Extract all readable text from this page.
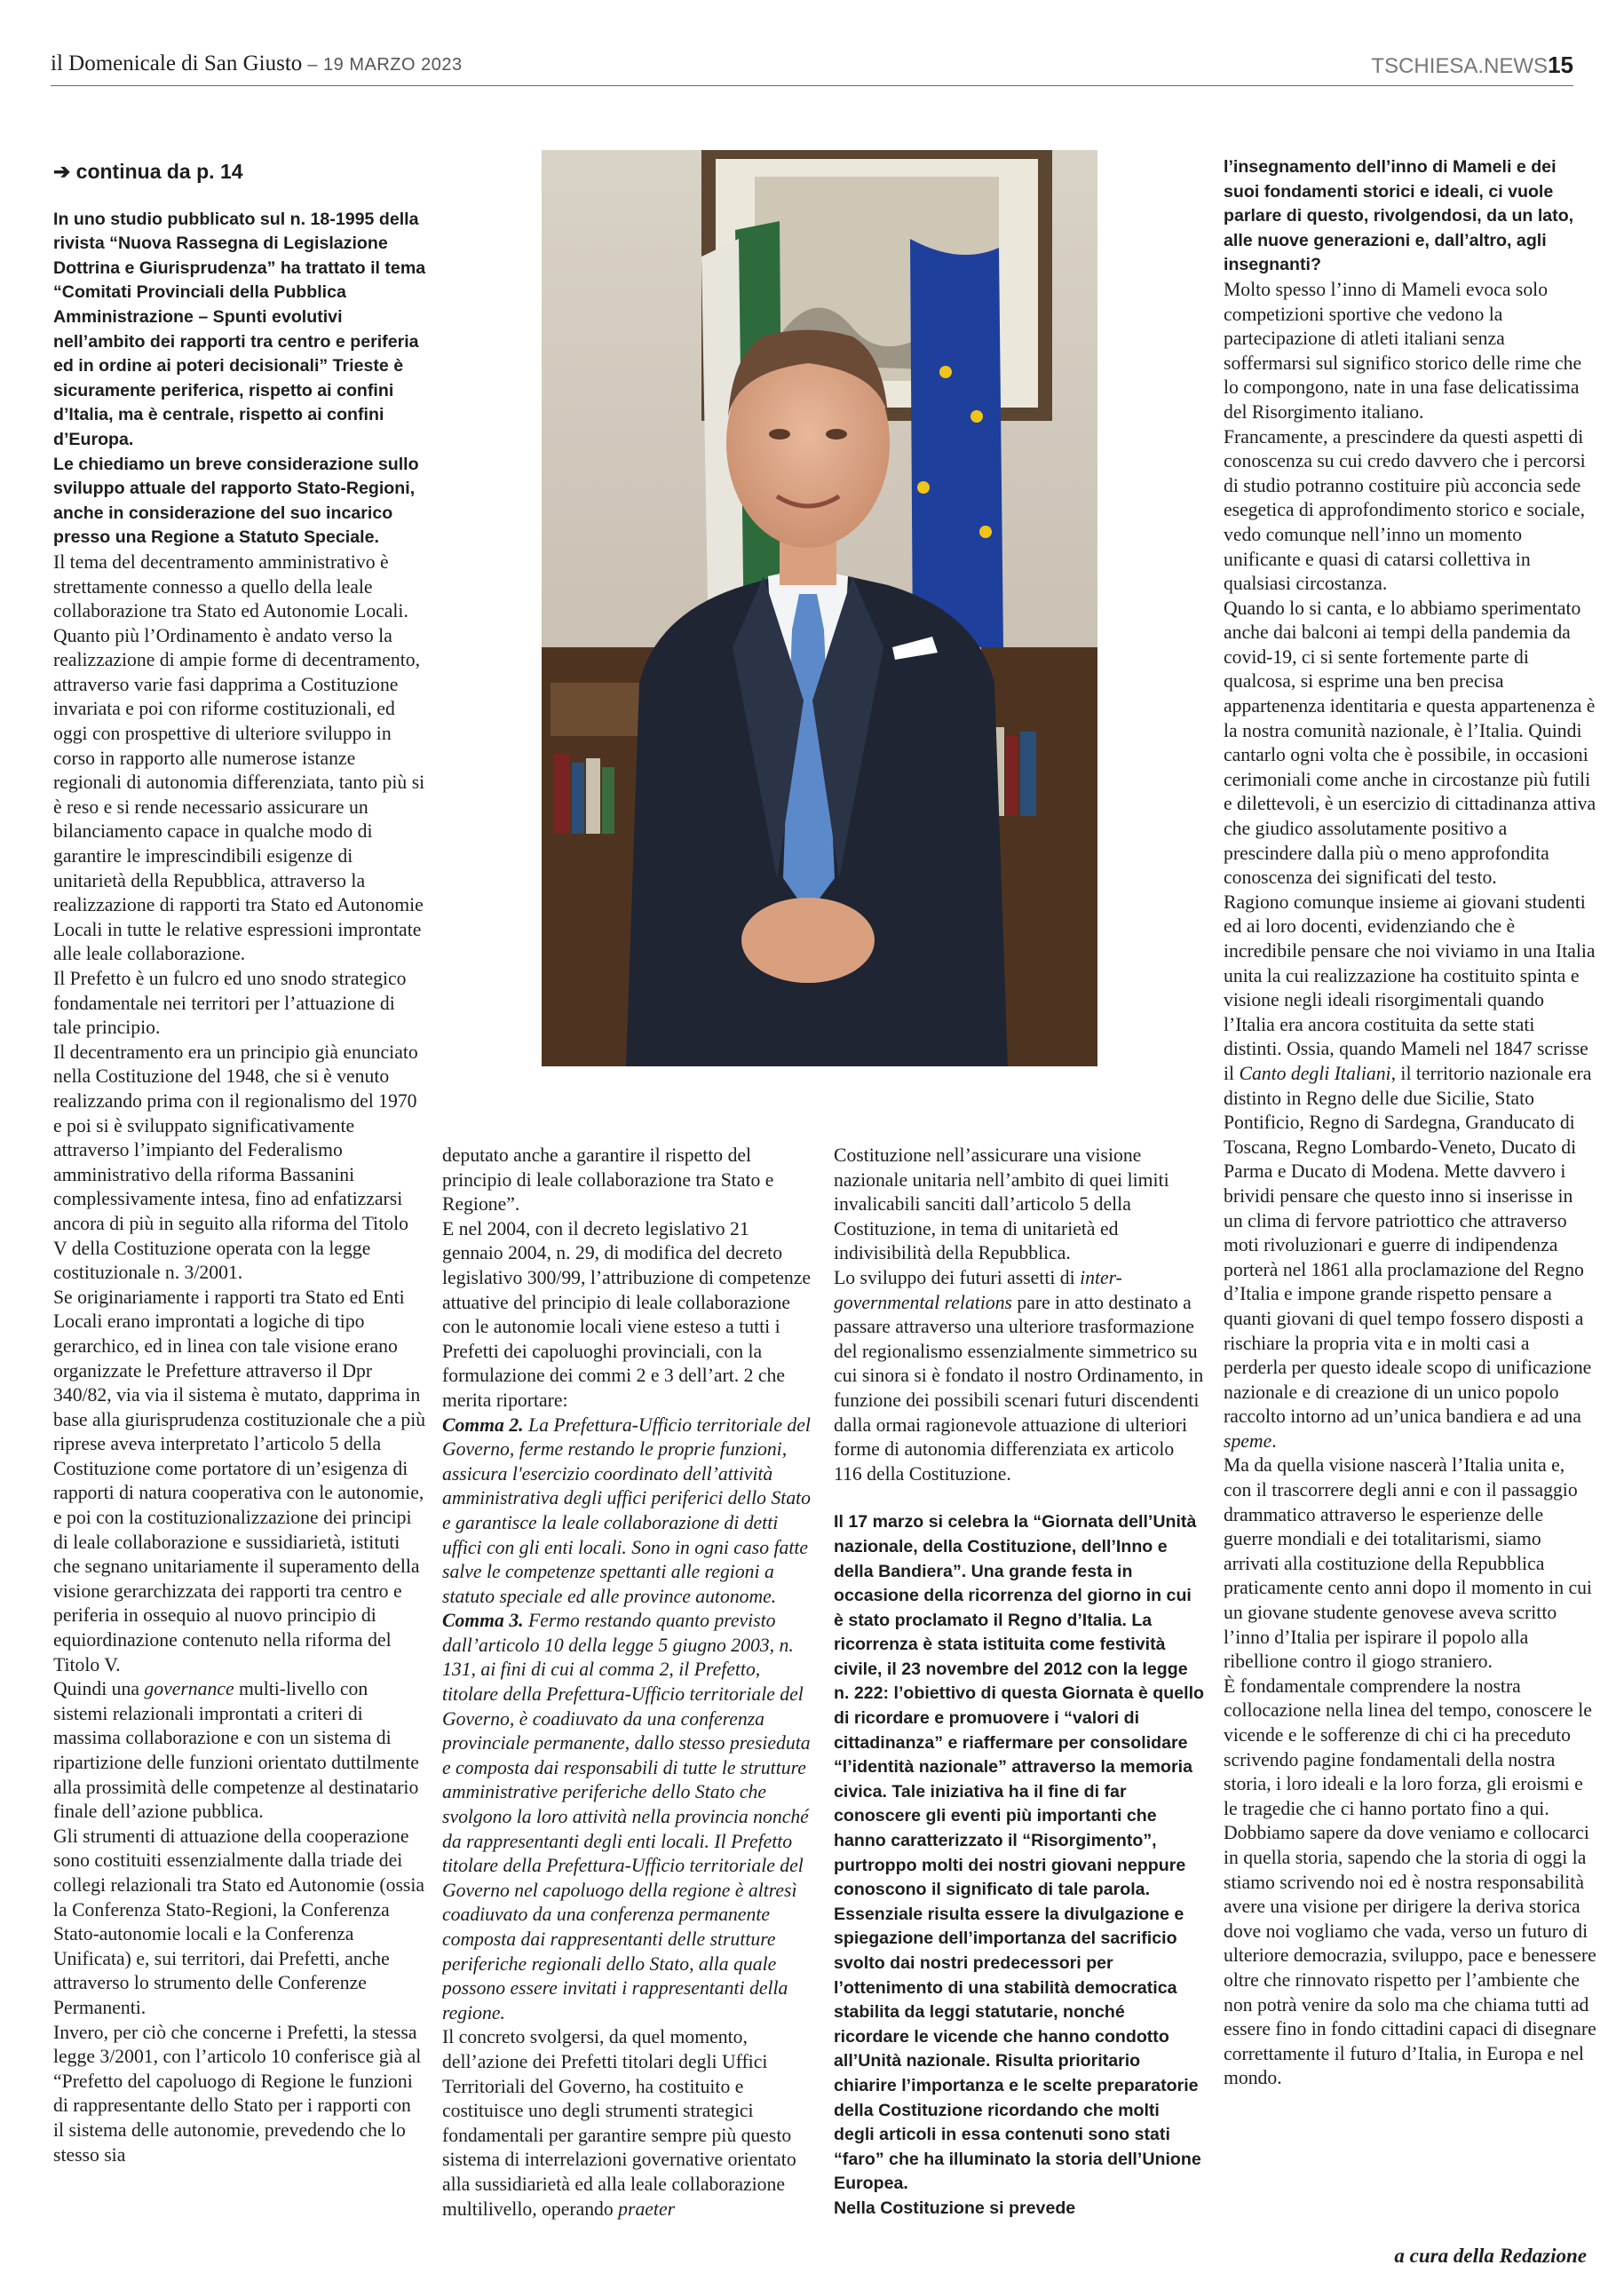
il Domenicale di San Giusto – 19 MARZO 2023	TSCHIESA.NEWS15

➔ continua da p. 14

In uno studio pubblicato sul n. 18-1995 della rivista “Nuova Rassegna di Legislazione Dottrina e Giurisprudenza” ha trattato il tema “Comitati Provinciali della Pubblica Amministrazione – Spunti evolutivi nell’ambito dei rapporti tra centro e periferia ed in ordine ai poteri decisionali” Trieste è sicuramente periferica, rispetto ai confini d’Italia, ma è centrale, rispetto ai confini d’Europa.

Le chiediamo un breve considerazione sullo sviluppo attuale del rapporto Stato-Regioni, anche in considerazione del suo incarico presso una Regione a Statuto Speciale.

Il tema del decentramento amministrativo è strettamente connesso a quello della leale collaborazione tra Stato ed Autonomie Locali.

Quanto più l’Ordinamento è andato verso la realizzazione di ampie forme di decentramento, attraverso varie fasi dapprima a Costituzione invariata e poi con riforme costituzionali, ed oggi con prospettive di ulteriore sviluppo in corso in rapporto alle numerose istanze regionali di autonomia differenziata, tanto più si è reso e si rende necessario assicurare un bilanciamento capace in qualche modo di garantire le imprescindibili esigenze di unitarietà della Repubblica, attraverso la realizzazione di rapporti tra Stato ed Autonomie Locali in tutte le relative espressioni improntate alle leale collaborazione.

Il Prefetto è un fulcro ed uno snodo strategico fondamentale nei territori per l’attuazione di tale principio.

Il decentramento era un principio già enunciato nella Costituzione del 1948, che si è venuto realizzando prima con il regionalismo del 1970 e poi si è sviluppato significativamente attraverso l’impianto del Federalismo amministrativo della riforma Bassanini complessivamente intesa, fino ad enfatizzarsi ancora di più in seguito alla riforma del Titolo V della Costituzione operata con la legge costituzionale n. 3/2001.

Se originariamente i rapporti tra Stato ed Enti Locali erano improntati a logiche di tipo gerarchico, ed in linea con tale visione erano organizzate le Prefetture attraverso il Dpr 340/82, via via il sistema è mutato, dapprima in base alla giurisprudenza costituzionale che a più riprese aveva interpretato l’articolo 5 della Costituzione come portatore di un’esigenza di rapporti di natura cooperativa con le autonomie, e poi con la costituzionalizzazione dei principi di leale collaborazione e sussidiarietà, istituti che segnano unitariamente il superamento della visione gerarchizzata dei rapporti tra centro e periferia in ossequio al nuovo principio di equiordinazione contenuto nella riforma del Titolo V.

Quindi una governance multi-livello con sistemi relazionali improntati a criteri di massima collaborazione e con un sistema di ripartizione delle funzioni orientato duttilmente alla prossimità delle competenze al destinatario finale dell’azione pubblica.

Gli strumenti di attuazione della cooperazione sono costituiti essenzialmente dalla triade dei collegi relazionali tra Stato ed Autonomie (ossia la Conferenza Stato-Regioni, la Conferenza Stato-autonomie locali e la Conferenza Unificata) e, sui territori, dai Prefetti, anche attraverso lo strumento delle Conferenze Permanenti.

Invero, per ciò che concerne i Prefetti, la stessa legge 3/2001, con l’articolo 10 conferisce già al “Prefetto del capoluogo di Regione le funzioni di rappresentante dello Stato per i rapporti con il sistema delle autonomie, prevedendo che lo stesso sia

deputato anche a garantire il rispetto del principio di leale collaborazione tra Stato e Regione”.

E nel 2004, con il decreto legislativo 21 gennaio 2004, n. 29, di modifica del decreto legislativo 300/99, l’attribuzione di competenze attuative del principio di leale collaborazione con le autonomie locali viene esteso a tutti i Prefetti dei capoluoghi provinciali, con la formulazione dei commi 2 e 3 dell’art. 2 che merita riportare:

Comma 2. La Prefettura-Ufficio territoriale del Governo, ferme restando le proprie funzioni, assicura l'esercizio coordinato dell’attività amministrativa degli uffici periferici dello Stato e garantisce la leale collaborazione di detti uffici con gli enti locali. Sono in ogni caso fatte salve le competenze spettanti alle regioni a statuto speciale ed alle province autonome.

Comma 3. Fermo restando quanto previsto dall’articolo 10 della legge 5 giugno 2003, n. 131, ai fini di cui al comma 2, il Prefetto, titolare della Prefettura-Ufficio territoriale del Governo, è coadiuvato da una conferenza provinciale permanente, dallo stesso presieduta e composta dai responsabili di tutte le strutture amministrative periferiche dello Stato che svolgono la loro attività nella provincia nonché da rappresentanti degli enti locali. Il Prefetto titolare della Prefettura-Ufficio territoriale del Governo nel capoluogo della regione è altresì coadiuvato da una conferenza permanente composta dai rappresentanti delle strutture periferiche regionali dello Stato, alla quale possono essere invitati i rappresentanti della regione.

Il concreto svolgersi, da quel momento, dell’azione dei Prefetti titolari degli Uffici Territoriali del Governo, ha costituito e costituisce uno degli strumenti strategici fondamentali per garantire sempre più questo sistema di interrelazioni governative orientato alla sussidiarietà ed alla leale collaborazione multilivello, operando praeter

Costituzione nell’assicurare una visione nazionale unitaria nell’ambito di quei limiti invalicabili sanciti dall’articolo 5 della Costituzione, in tema di unitarietà ed indivisibilità della Repubblica.

Lo sviluppo dei futuri assetti di inter-governmental relations pare in atto destinato a passare attraverso una ulteriore trasformazione del regionalismo essenzialmente simmetrico su cui sinora si è fondato il nostro Ordinamento, in funzione dei possibili scenari futuri discendenti dalla ormai ragionevole attuazione di ulteriori forme di autonomia differenziata ex articolo 116 della Costituzione.

Il 17 marzo si celebra la “Giornata dell’Unità nazionale, della Costituzione, dell’Inno e della Bandiera”. Una grande festa in occasione della ricorrenza del giorno in cui è stato proclamato il Regno d’Italia. La ricorrenza è stata istituita come festività civile, il 23 novembre del 2012 con la legge n. 222: l’obiettivo di questa Giornata è quello di ricordare e promuovere i “valori di cittadinanza” e riaffermare per consolidare “l’identità nazionale” attraverso la memoria civica. Tale iniziativa ha il fine di far conoscere gli eventi più importanti che hanno caratterizzato il “Risorgimento”, purtroppo molti dei nostri giovani neppure conoscono il significato di tale parola. Essenziale risulta essere la divulgazione e spiegazione dell’importanza del sacrificio svolto dai nostri predecessori per l’ottenimento di una stabilità democratica stabilita da leggi statutarie, nonché ricordare le vicende che hanno condotto all’Unità nazionale. Risulta prioritario chiarire l’importanza e le scelte preparatorie della Costituzione ricordando che molti degli articoli in essa contenuti sono stati “faro” che ha illuminato la storia dell’Unione Europea.

Nella Costituzione si prevede

l’insegnamento dell’inno di Mameli e dei suoi fondamenti storici e ideali, ci vuole parlare di questo, rivolgendosi, da un lato, alle nuove generazioni e, dall’altro, agli insegnanti?

Molto spesso l’inno di Mameli evoca solo competizioni sportive che vedono la partecipazione di atleti italiani senza soffermarsi sul significo storico delle rime che lo compongono, nate in una fase delicatissima del Risorgimento italiano.

Francamente, a prescindere da questi aspetti di conoscenza su cui credo davvero che i percorsi di studio potranno costituire più acconcia sede esegetica di approfondimento storico e sociale, vedo comunque nell’inno un momento unificante e quasi di catarsi collettiva in qualsiasi circostanza.

Quando lo si canta, e lo abbiamo sperimentato anche dai balconi ai tempi della pandemia da covid-19, ci si sente fortemente parte di qualcosa, si esprime una ben precisa appartenenza identitaria e questa appartenenza è la nostra comunità nazionale, è l’Italia. Quindi cantarlo ogni volta che è possibile, in occasioni cerimoniali come anche in circostanze più futili e dilettevoli, è un esercizio di cittadinanza attiva che giudico assolutamente positivo a prescindere dalla più o meno approfondita conoscenza dei significati del testo.

Ragiono comunque insieme ai giovani studenti ed ai loro docenti, evidenziando che è incredibile pensare che noi viviamo in una Italia unita la cui realizzazione ha costituito spinta e visione negli ideali risorgimentali quando l’Italia era ancora costituita da sette stati distinti. Ossia, quando Mameli nel 1847 scrisse il Canto degli Italiani, il territorio nazionale era distinto in Regno delle due Sicilie, Stato Pontificio, Regno di Sardegna, Granducato di Toscana, Regno Lombardo-Veneto, Ducato di Parma e Ducato di Modena. Mette davvero i brividi pensare che questo inno si inserisse in un clima di fervore patriottico che attraverso moti rivoluzionari e guerre di indipendenza porterà nel 1861 alla proclamazione del Regno d’Italia e impone grande rispetto pensare a quanti giovani di quel tempo fossero disposti a rischiare la propria vita e in molti casi a perderla per questo ideale scopo di unificazione nazionale e di creazione di un unico popolo raccolto intorno ad un’unica bandiera e ad una speme.

Ma da quella visione nascerà l’Italia unita e, con il trascorrere degli anni e con il passaggio drammatico attraverso le esperienze delle guerre mondiali e dei totalitarismi, siamo arrivati alla costituzione della Repubblica praticamente cento anni dopo il momento in cui un giovane studente genovese aveva scritto l’inno d’Italia per ispirare il popolo alla ribellione contro il giogo straniero.

È fondamentale comprendere la nostra collocazione nella linea del tempo, conoscere le vicende e le sofferenze di chi ci ha preceduto scrivendo pagine fondamentali della nostra storia, i loro ideali e la loro forza, gli eroismi e le tragedie che ci hanno portato fino a qui.

Dobbiamo sapere da dove veniamo e collocarci in quella storia, sapendo che la storia di oggi la stiamo scrivendo noi ed è nostra responsabilità avere una visione per dirigere la deriva storica dove noi vogliamo che vada, verso un futuro di ulteriore democrazia, sviluppo, pace e benessere oltre che rinnovato rispetto per l’ambiente che non potrà venire da solo ma che chiama tutti ad essere fino in fondo cittadini capaci di disegnare correttamente il futuro d’Italia, in Europa e nel mondo.

a cura della Redazione
